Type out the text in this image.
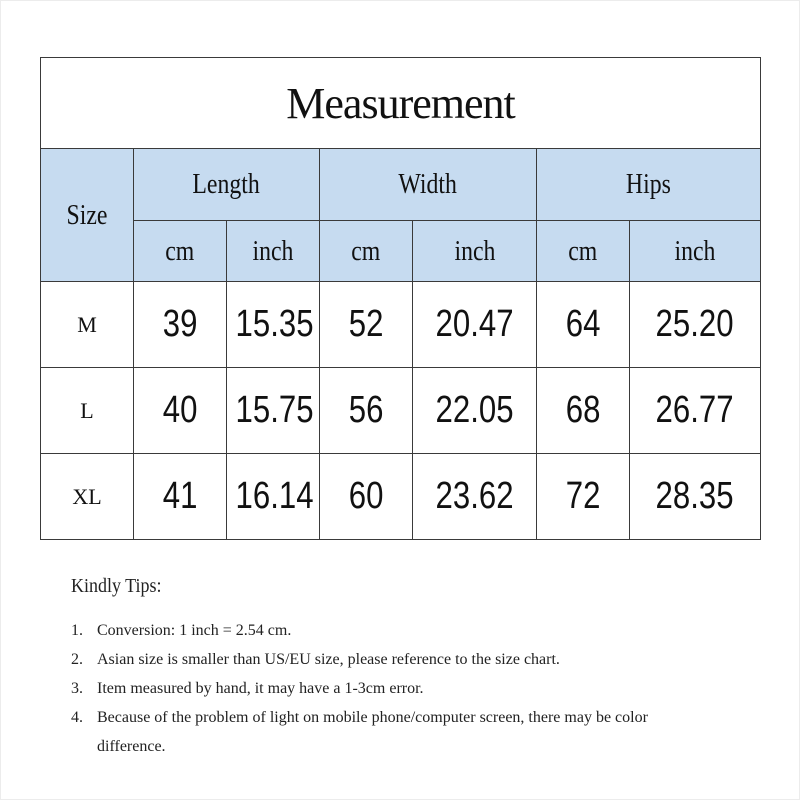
Measurement						
Size	Length		Width		Hips	
	cm	inch	cm	inch	cm	inch
M	39	15.35	52	20.47	64	25.20
L	40	15.75	56	22.05	68	26.77
XL	41	16.14	60	23.62	72	28.35
Kindly Tips:
1. Conversion: 1 inch = 2.54 cm.
2. Asian size is smaller than US/EU size, please reference to the size chart.
3. Item measured by hand, it may have a 1-3cm error.
4. Because of the problem of light on mobile phone/computer screen, there may be color difference.
